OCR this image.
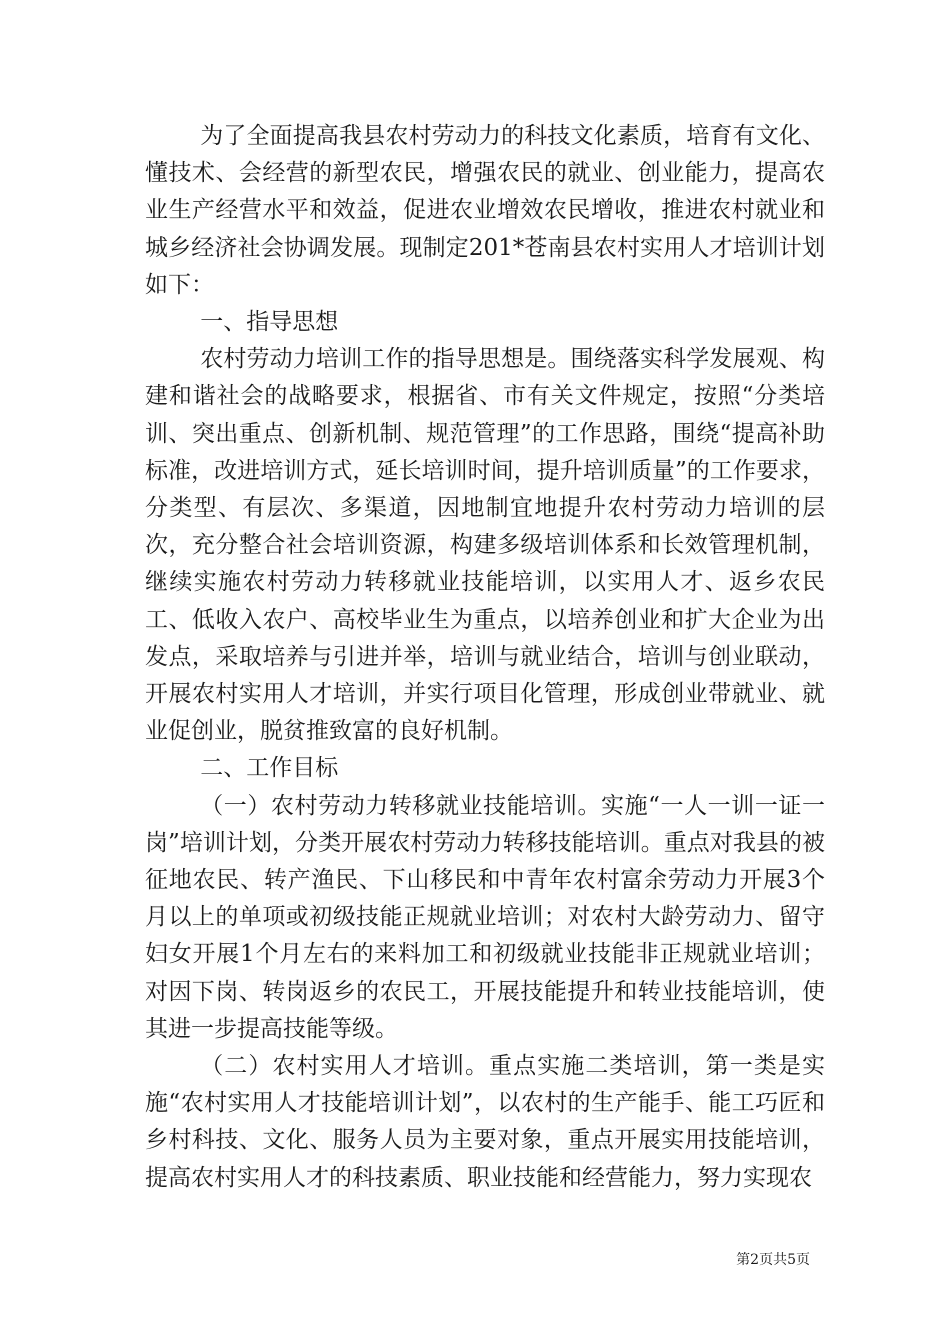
为了全面提高我县农村劳动力的科技文化素质，培育有文化、懂技术、会经营的新型农民，增强农民的就业、创业能力，提高农业生产经营水平和效益，促进农业增效农民增收，推进农村就业和城乡经济社会协调发展。现制定201*苍南县农村实用人才培训计划如下：

一、指导思想

农村劳动力培训工作的指导思想是。围绕落实科学发展观、构建和谐社会的战略要求，根据省、市有关文件规定，按照“分类培训、突出重点、创新机制、规范管理”的工作思路，围绕“提高补助标准，改进培训方式，延长培训时间，提升培训质量”的工作要求，分类型、有层次、多渠道，因地制宜地提升农村劳动力培训的层次，充分整合社会培训资源，构建多级培训体系和长效管理机制，继续实施农村劳动力转移就业技能培训，以实用人才、返乡农民工、低收入农户、高校毕业生为重点，以培养创业和扩大企业为出发点，采取培养与引进并举，培训与就业结合，培训与创业联动，开展农村实用人才培训，并实行项目化管理，形成创业带就业、就业促创业，脱贫推致富的良好机制。

二、工作目标

（一）农村劳动力转移就业技能培训。实施“一人一训一证一岗”培训计划，分类开展农村劳动力转移技能培训。重点对我县的被征地农民、转产渔民、下山移民和中青年农村富余劳动力开展3个月以上的单项或初级技能正规就业培训；对农村大龄劳动力、留守妇女开展1个月左右的来料加工和初级就业技能非正规就业培训；对因下岗、转岗返乡的农民工，开展技能提升和转业技能培训，使其进一步提高技能等级。

（二）农村实用人才培训。重点实施二类培训，第一类是实施“农村实用人才技能培训计划”，以农村的生产能手、能工巧匠和乡村科技、文化、服务人员为主要对象，重点开展实用技能培训，提高农村实用人才的科技素质、职业技能和经营能力，努力实现农

第2页共5页
